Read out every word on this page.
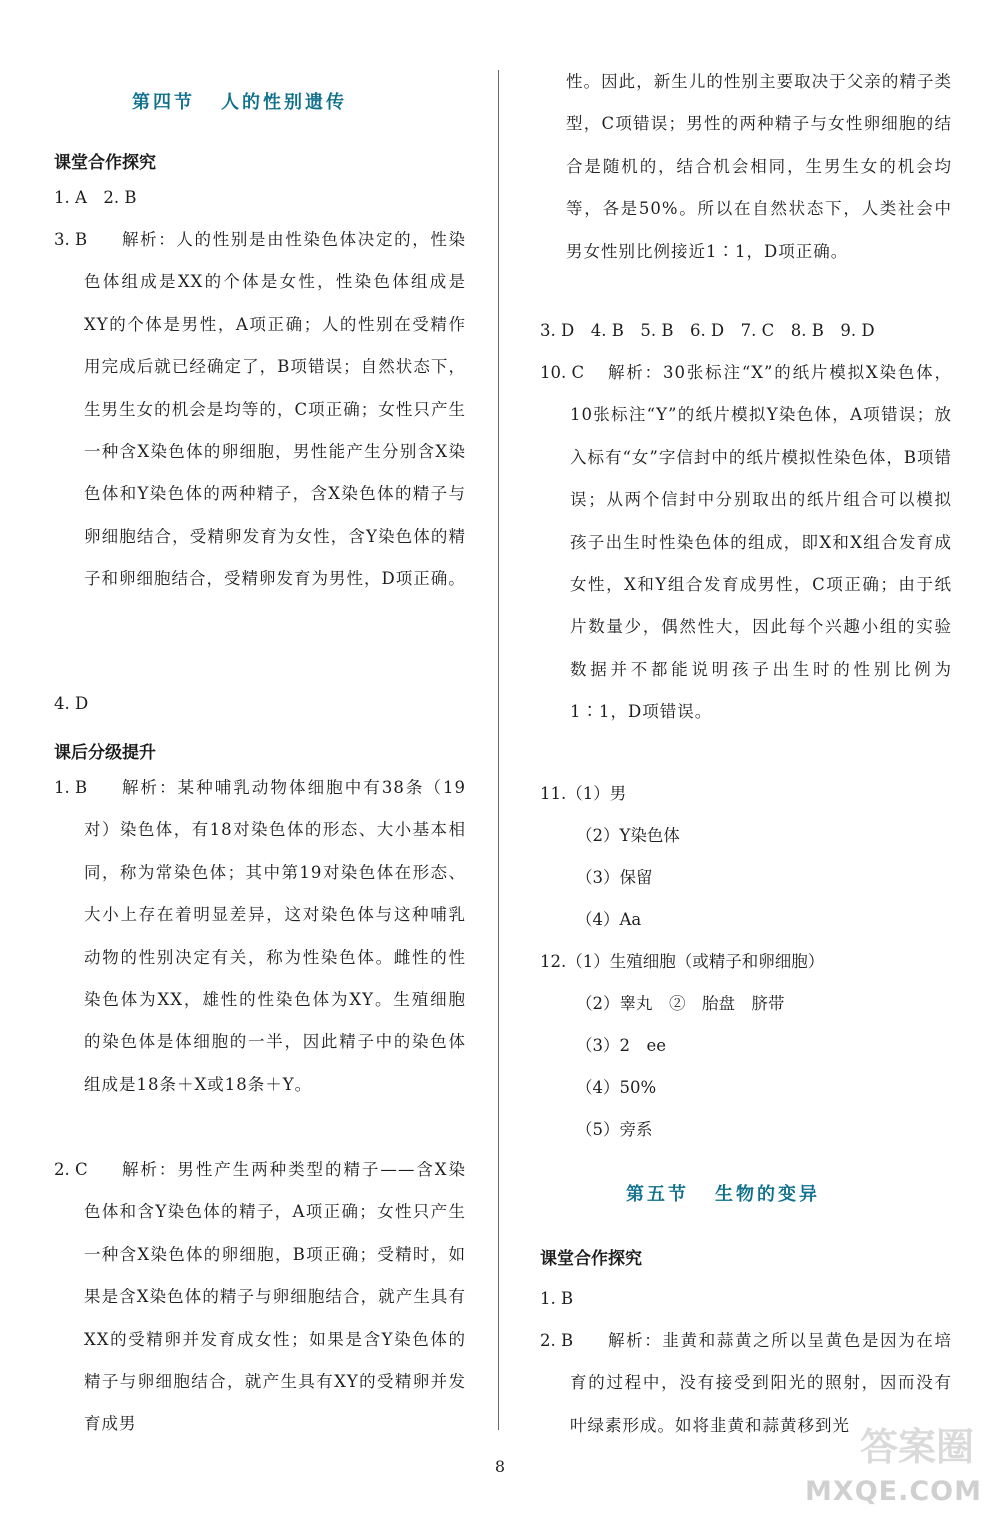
第四节 人的性别遗传
课堂合作探究
1. A　2. B
3. B	解析：人的性别是由性染色体决定的，性染色体组成是XX的个体是女性，性染色体组成是XY的个体是男性，A项正确；人的性别在受精作用完成后就已经确定了，B项错误；自然状态下，生男生女的机会是均等的，C项正确；女性只产生一种含X染色体的卵细胞，男性能产生分别含X染色体和Y染色体的两种精子，含X染色体的精子与卵细胞结合，受精卵发育为女性，含Y染色体的精子和卵细胞结合，受精卵发育为男性，D项正确。
4. D
课后分级提升
1. B	解析：某种哺乳动物体细胞中有38条（19对）染色体，有18对染色体的形态、大小基本相同，称为常染色体；其中第19对染色体在形态、大小上存在着明显差异，这对染色体与这种哺乳动物的性别决定有关，称为性染色体。雌性的性染色体为XX，雄性的性染色体为XY。生殖细胞的染色体是体细胞的一半，因此精子中的染色体组成是18条＋X或18条＋Y。
2. C	解析：男性产生两种类型的精子——含X染色体和含Y染色体的精子，A项正确；女性只产生一种含X染色体的卵细胞，B项正确；受精时，如果是含X染色体的精子与卵细胞结合，就产生具有XX的受精卵并发育成女性；如果是含Y染色体的精子与卵细胞结合，就产生具有XY的受精卵并发育成男
性。因此，新生儿的性别主要取决于父亲的精子类型，C项错误；男性的两种精子与女性卵细胞的结合是随机的，结合机会相同，生男生女的机会均等，各是50%。所以在自然状态下，人类社会中男女性别比例接近1∶1，D项正确。
3. D　4. B　5. B　6. D　7. C　8. B　9. D
10. C	解析：30张标注“X”的纸片模拟X染色体，10张标注“Y”的纸片模拟Y染色体，A项错误；放入标有“女”字信封中的纸片模拟性染色体，B项错误；从两个信封中分别取出的纸片组合可以模拟孩子出生时性染色体的组成，即X和X组合发育成女性，X和Y组合发育成男性，C项正确；由于纸片数量少，偶然性大，因此每个兴趣小组的实验数据并不都能说明孩子出生时的性别比例为1∶1，D项错误。
11.（1）男
（2）Y染色体
（3）保留
（4）Aa
12.（1）生殖细胞（或精子和卵细胞）
（2）睾丸　②　胎盘　脐带
（3）2　ee
（4）50%
（5）旁系
第五节 生物的变异
课堂合作探究
1. B
2. B	解析：韭黄和蒜黄之所以呈黄色是因为在培育的过程中，没有接受到阳光的照射，因而没有叶绿素形成。如将韭黄和蒜黄移到光
8	答案圈
MXQE.COM
